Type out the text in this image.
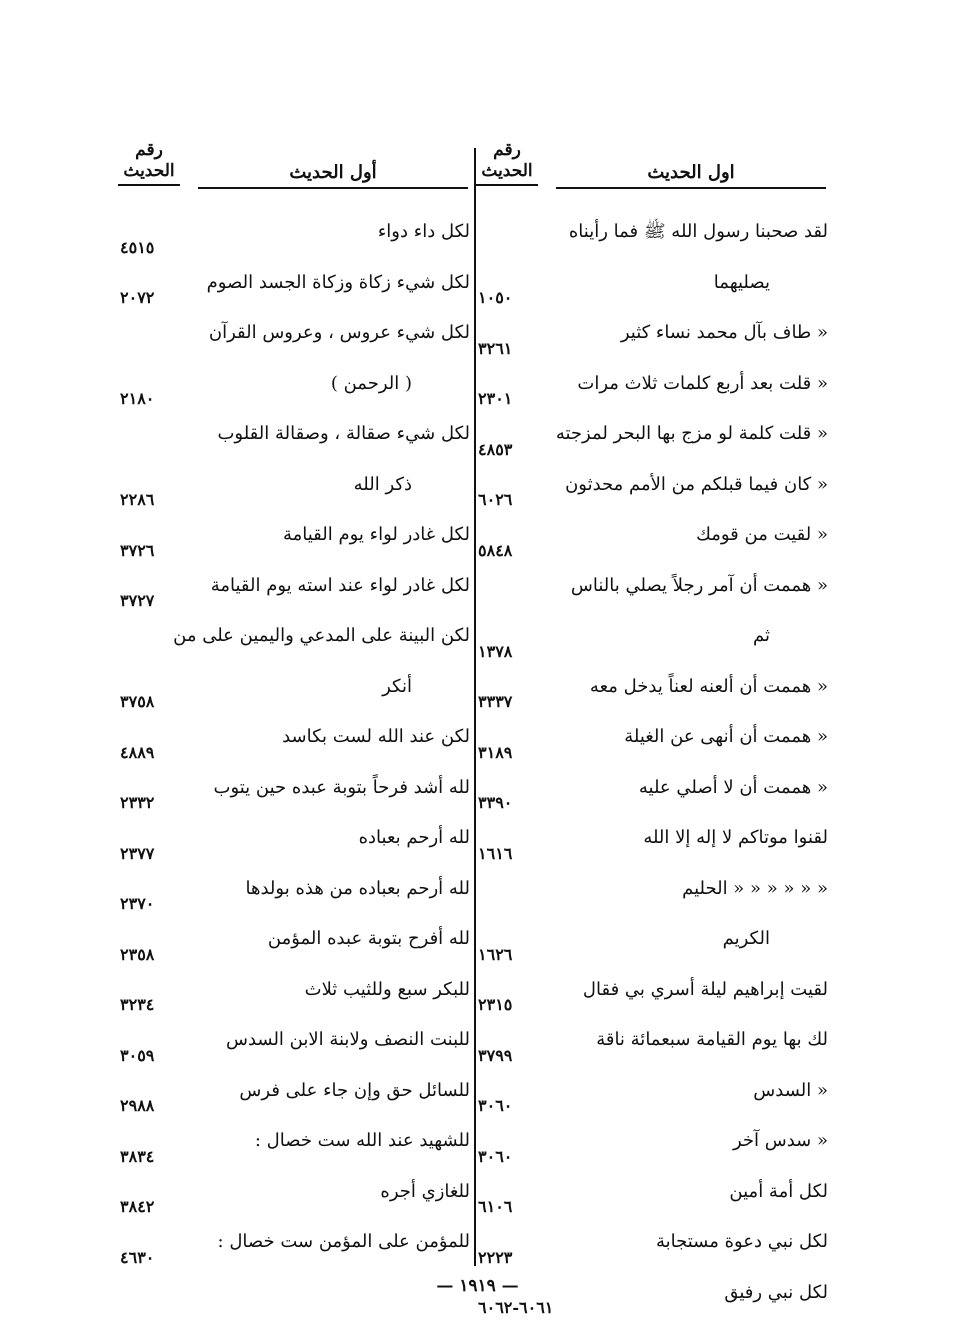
رقم
الحديث	اول الحديث
لقد صحبنا رسول الله ﷺ فما رأيناه
يصليهما
١٠٥٠
« طاف بآل محمد نساء كثير
٣٢٦١
« قلت بعد أربع كلمات ثلاث مرات
٢٣٠١
« قلت كلمة لو مزج بها البحر لمزجته
٤٨٥٣
« كان فيما قبلكم من الأمم محدثون
٦٠٢٦
« لقيت من قومك
٥٨٤٨
« هممت أن آمر رجلاً يصلي بالناس
ثم
١٣٧٨
« هممت أن ألعنه لعناً يدخل معه
٣٣٣٧
« هممت أن أنهى عن الغيلة
٣١٨٩
« هممت أن لا أصلي عليه
٣٣٩٠
لقنوا موتاكم لا إله إلا الله
١٦١٦
« « « « « « الحليم
الكريم
١٦٢٦
لقيت إبراهيم ليلة أسري بي فقال
٢٣١٥
لك بها يوم القيامة سبعمائة ناقة
٣٧٩٩
« السدس
٣٠٦٠
« سدس آخر
٣٠٦٠
لكل أمة أمين
٦١٠٦
لكل نبي دعوة مستجابة
٢٢٢٣
لكل نبي رفيق
٦٠٦١-٦٠٦٢
رقم
الحديث	أول الحديث
لكل داء دواء
٤٥١٥
لكل شيء زكاة وزكاة الجسد الصوم
٢٠٧٢
لكل شيء عروس ، وعروس القرآن
( الرحمن )
٢١٨٠
لكل شيء صقالة ، وصقالة القلوب
ذكر الله
٢٢٨٦
لكل غادر لواء يوم القيامة
٣٧٢٦
لكل غادر لواء عند استه يوم القيامة
٣٧٢٧
لكن البينة على المدعي واليمين على من
أنكر
٣٧٥٨
لكن عند الله لست بكاسد
٤٨٨٩
لله أشد فرحاً بتوبة عبده حين يتوب
٢٣٣٢
لله أرحم بعباده
٢٣٧٧
لله أرحم بعباده من هذه بولدها
٢٣٧٠
لله أفرح بتوبة عبده المؤمن
٢٣٥٨
للبكر سبع وللثيب ثلاث
٣٢٣٤
للبنت النصف ولابنة الابن السدس
٣٠٥٩
للسائل حق وإن جاء على فرس
٢٩٨٨
للشهيد عند الله ست خصال :
٣٨٣٤
للغازي أجره
٣٨٤٢
للمؤمن على المؤمن ست خصال :
٤٦٣٠
— ١٩١٩ —
